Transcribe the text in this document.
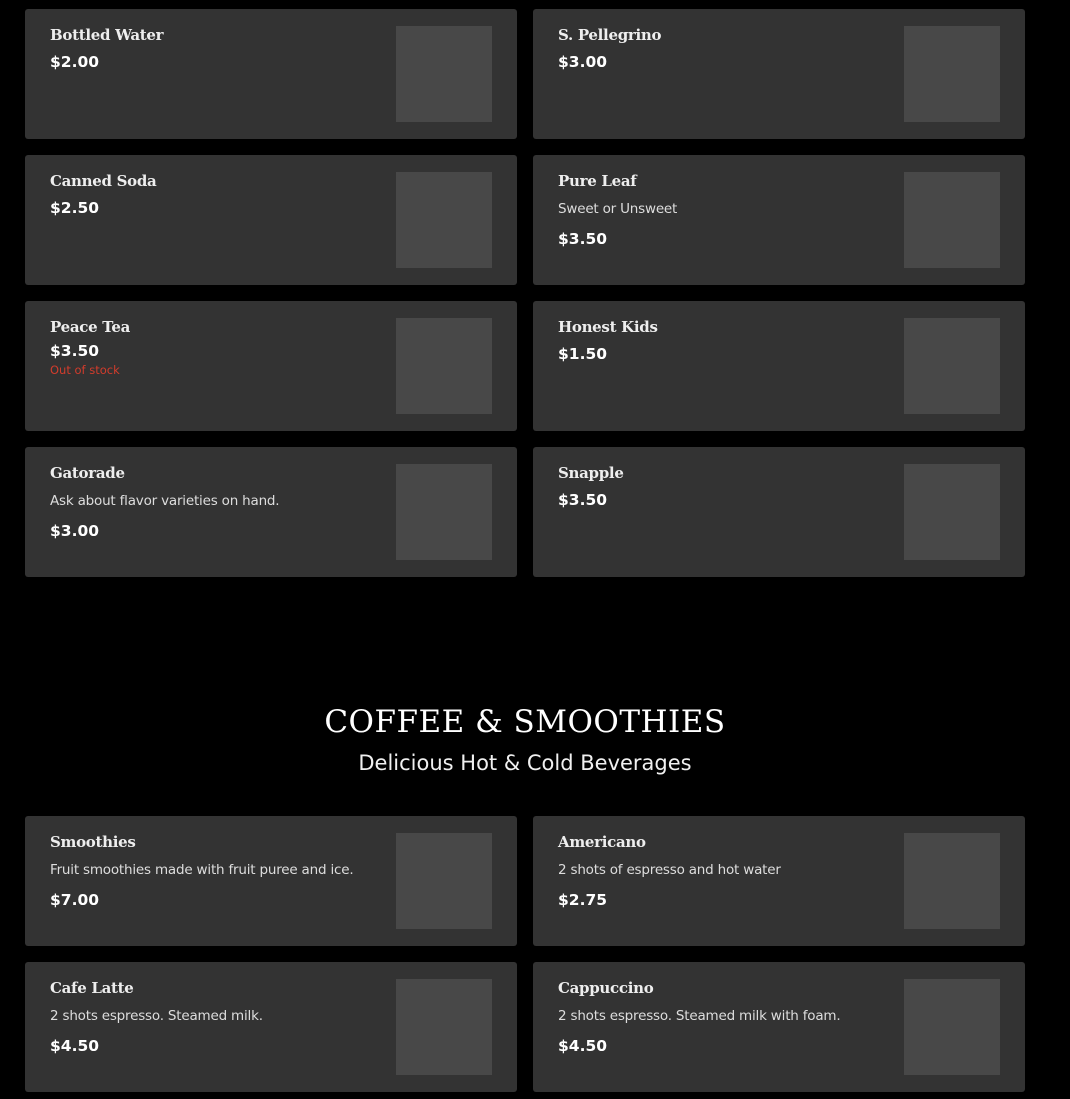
Bottled Water
$2.00
S. Pellegrino
$3.00
Canned Soda
$2.50
Pure Leaf
Sweet or Unsweet
$3.50
Peace Tea
$3.50
Out of stock
Honest Kids
$1.50
Gatorade
Ask about flavor varieties on hand.
$3.00
Snapple
$3.50
COFFEE & SMOOTHIES
Delicious Hot & Cold Beverages
Smoothies
Fruit smoothies made with fruit puree and ice.
$7.00
Americano
2 shots of espresso and hot water
$2.75
Cafe Latte
2 shots espresso. Steamed milk.
$4.50
Cappuccino
2 shots espresso. Steamed milk with foam.
$4.50
